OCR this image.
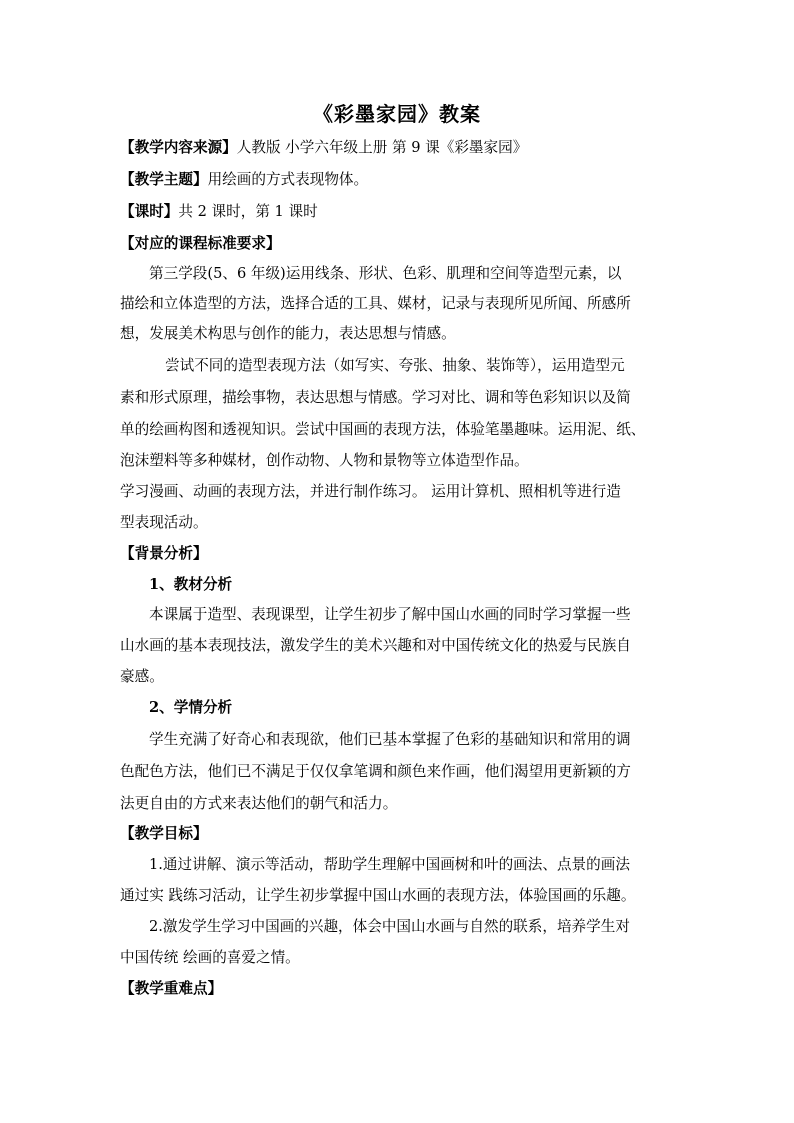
《彩墨家园》教案
【教学内容来源】人教版 小学六年级上册 第 9 课《彩墨家园》
【教学主题】用绘画的方式表现物体。
【课时】共 2 课时，第 1 课时
【对应的课程标准要求】
第三学段(5、6 年级)运用线条、形状、色彩、肌理和空间等造型元素，以
描绘和立体造型的方法，选择合适的工具、媒材，记录与表现所见所闻、所感所
想，发展美术构思与创作的能力，表达思想与情感。
尝试不同的造型表现方法（如写实、夸张、抽象、装饰等），运用造型元
素和形式原理，描绘事物，表达思想与情感。学习对比、调和等色彩知识以及简
单的绘画构图和透视知识。尝试中国画的表现方法，体验笔墨趣味。运用泥、纸、
泡沫塑料等多种媒材，创作动物、人物和景物等立体造型作品。
学习漫画、动画的表现方法，并进行制作练习。 运用计算机、照相机等进行造
型表现活动。
【背景分析】
1、教材分析
本课属于造型、表现课型，让学生初步了解中国山水画的同时学习掌握一些
山水画的基本表现技法，激发学生的美术兴趣和对中国传统文化的热爱与民族自
豪感。
2、学情分析
学生充满了好奇心和表现欲，他们已基本掌握了色彩的基础知识和常用的调
色配色方法，他们已不满足于仅仅拿笔调和颜色来作画，他们渴望用更新颖的方
法更自由的方式来表达他们的朝气和活力。
【教学目标】
1.通过讲解、演示等活动，帮助学生理解中国画树和叶的画法、点景的画法
通过实 践练习活动，让学生初步掌握中国山水画的表现方法，体验国画的乐趣。
2.激发学生学习中国画的兴趣，体会中国山水画与自然的联系，培养学生对
中国传统 绘画的喜爱之情。
【教学重难点】
